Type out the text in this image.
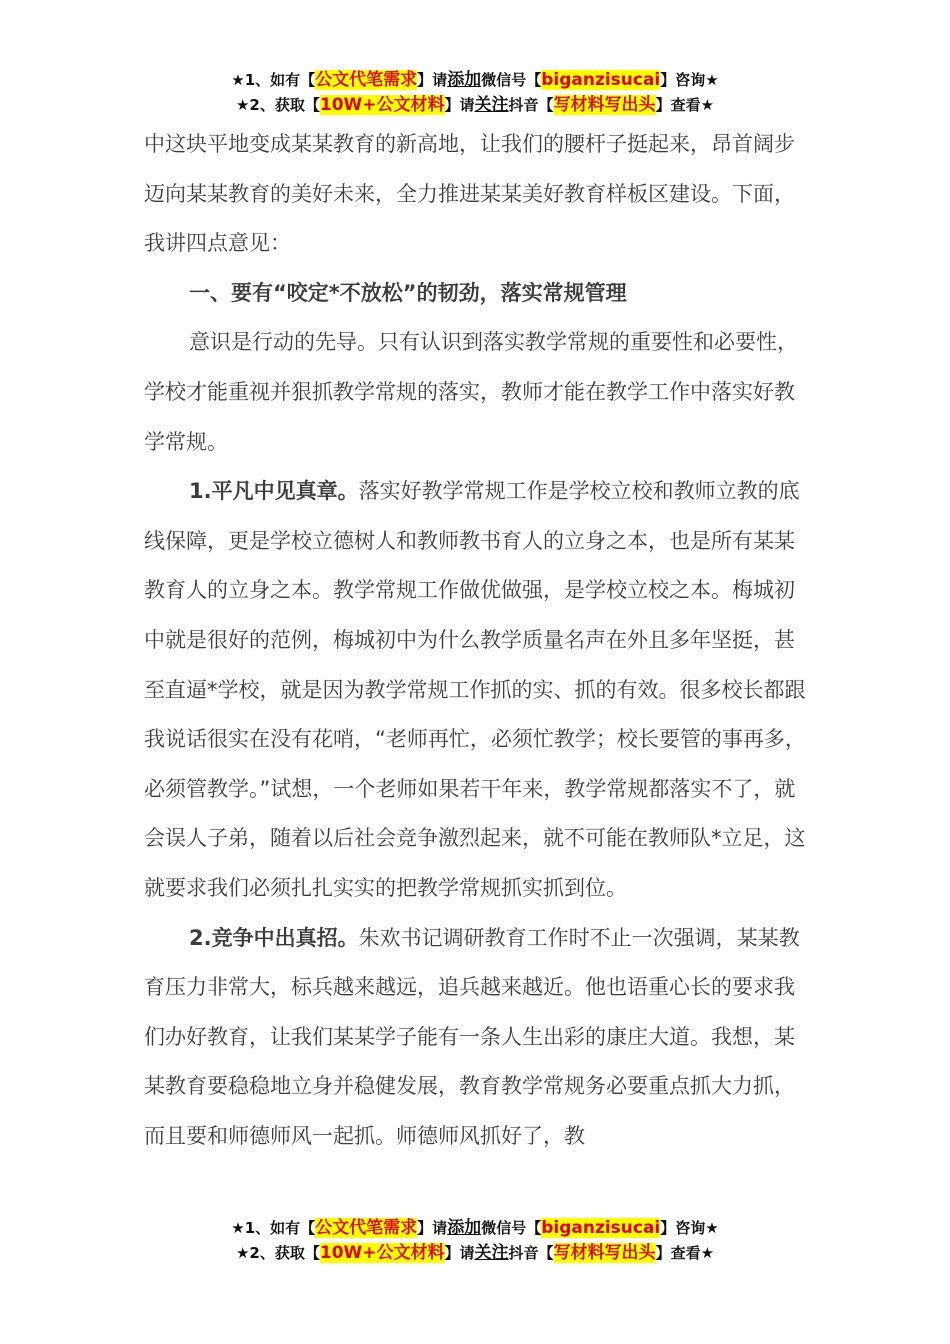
★1、如有【公文代笔需求】请添加微信号【biganzisucai】咨询★
★2、获取【10W+公文材料】请关注抖音【写材料写出头】查看★

中这块平地变成某某教育的新高地，让我们的腰杆子挺起来，昂首阔步迈向某某教育的美好未来，全力推进某某美好教育样板区建设。下面，我讲四点意见：

一、要有“咬定*不放松”的韧劲，落实常规管理

意识是行动的先导。只有认识到落实教学常规的重要性和必要性，学校才能重视并狠抓教学常规的落实，教师才能在教学工作中落实好教学常规。

1.平凡中见真章。落实好教学常规工作是学校立校和教师立教的底线保障，更是学校立德树人和教师教书育人的立身之本，也是所有某某教育人的立身之本。教学常规工作做优做强，是学校立校之本。梅城初中就是很好的范例，梅城初中为什么教学质量名声在外且多年坚挺，甚至直逼*学校，就是因为教学常规工作抓的实、抓的有效。很多校长都跟我说话很实在没有花哨，“老师再忙，必须忙教学；校长要管的事再多，必须管教学。”试想，一个老师如果若干年来，教学常规都落实不了，就会误人子弟，随着以后社会竞争激烈起来，就不可能在教师队*立足，这就要求我们必须扎扎实实的把教学常规抓实抓到位。

2.竞争中出真招。朱欢书记调研教育工作时不止一次强调，某某教育压力非常大，标兵越来越远，追兵越来越近。他也语重心长的要求我们办好教育，让我们某某学子能有一条人生出彩的康庄大道。我想，某某教育要稳稳地立身并稳健发展，教育教学常规务必要重点抓大力抓，而且要和师德师风一起抓。师德师风抓好了，教

★1、如有【公文代笔需求】请添加微信号【biganzisucai】咨询★
★2、获取【10W+公文材料】请关注抖音【写材料写出头】查看★
